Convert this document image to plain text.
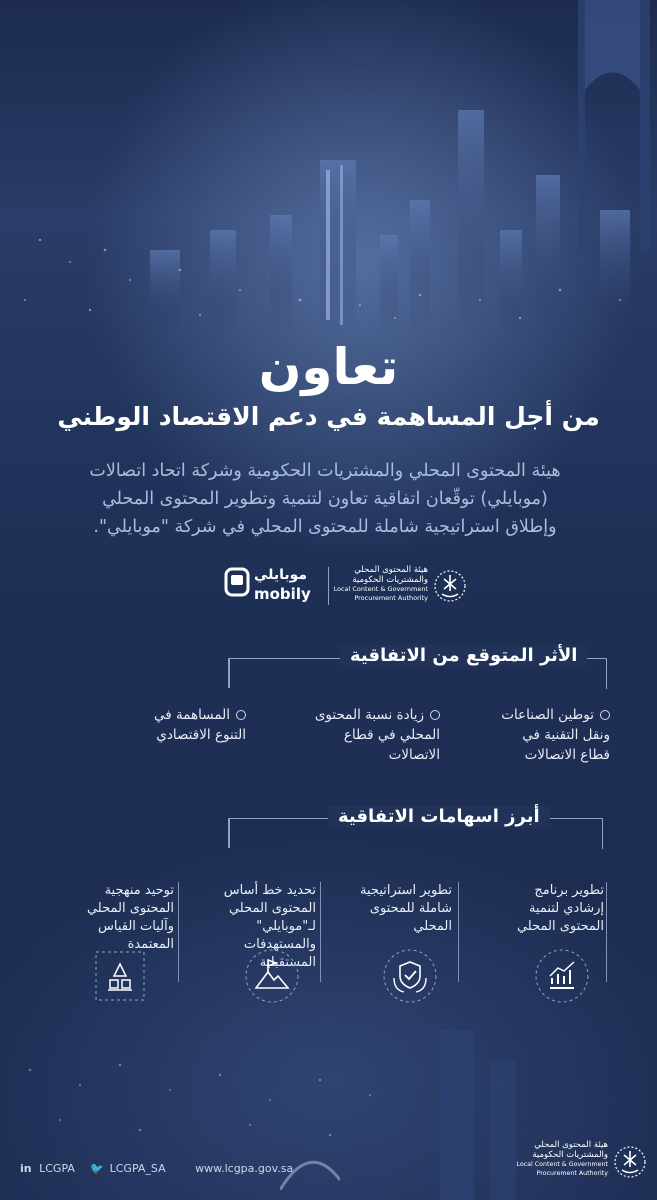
تعاون
من أجل المساهمة في دعم الاقتصاد الوطني
هيئة المحتوى المحلي والمشتريات الحكومية وشركة اتحاد اتصالات
(موبايلي) توقّعان اتفاقية تعاون لتنمية وتطوير المحتوى المحلي
وإطلاق استراتيجية شاملة للمحتوى المحلي في شركة "موبايلي".
موبايلي
mobily
هيئة المحتوى المحلي
والمشتريات الحكومية
Local Content & Government
Procurement Authority
الأثر المتوقع من الاتفاقية
توطين الصناعات
ونقل التقنية في
قطاع الاتصالات
زيادة نسبة المحتوى
المحلي في قطاع
الاتصالات
المساهمة في
التنوع الاقتصادي
أبرز اسهامات الاتفاقية
تطوير برنامج
إرشادي لتنمية
المحتوى المحلي
تطوير استراتيجية
شاملة للمحتوى
المحلي
تحديد خط أساس
المحتوى المحلي
لـ"موبايلي"
والمستهدفات
المستقبلية
توحيد منهجية
المحتوى المحلي
وآليات القياس
المعتمدة
in LCGPA 🐦 LCGPA_SA	www.lcgpa.gov.sa
هيئة المحتوى المحلي
والمشتريات الحكومية
Local Content & Government
Procurement Authority
